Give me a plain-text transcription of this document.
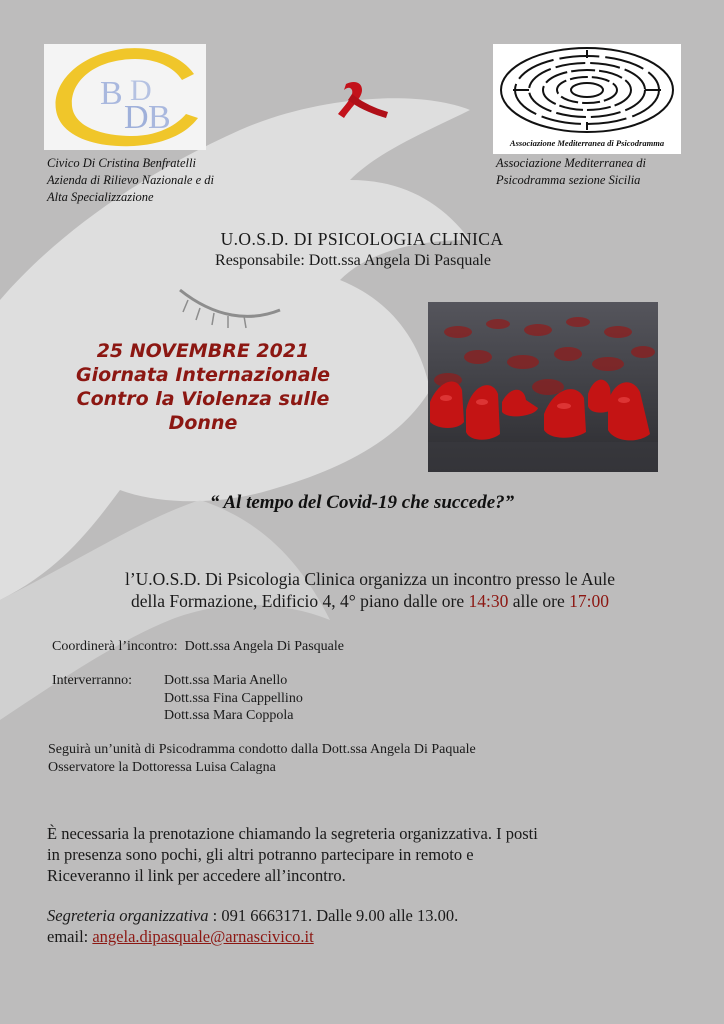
B
D B
D
Associazione Mediterranea di Psicodramma
Civico Di Cristina Benfratelli
Azienda di Rilievo Nazionale e di
Alta Specializzazione
Associazione Mediterranea di
Psicodramma sezione Sicilia
U.O.S.D. DI PSICOLOGIA CLINICA
Responsabile: Dott.ssa Angela Di Pasquale
25 NOVEMBRE 2021
Giornata Internazionale
Contro la Violenza sulle
Donne
“ Al tempo del Covid-19 che succede?”
l’U.O.S.D. Di Psicologia Clinica organizza un incontro presso le Aule
della Formazione, Edificio 4, 4° piano dalle ore 14:30 alle ore 17:00
Coordinerà l’incontro: Dott.ssa Angela Di Pasquale
Interverranno: Dott.ssa Maria Anello
Dott.ssa Fina Cappellino
Dott.ssa Mara Coppola
Seguirà un’unità di Psicodramma condotto dalla Dott.ssa Angela Di Paquale
Osservatore la Dottoressa Luisa Calagna
È necessaria la prenotazione chiamando la segreteria organizzativa. I posti
in presenza sono pochi, gli altri potranno partecipare in remoto e
Riceveranno il link per accedere all’incontro.
Segreteria organizzativa : 091 6663171. Dalle 9.00 alle 13.00.
email: angela.dipasquale@arnascivico.it
